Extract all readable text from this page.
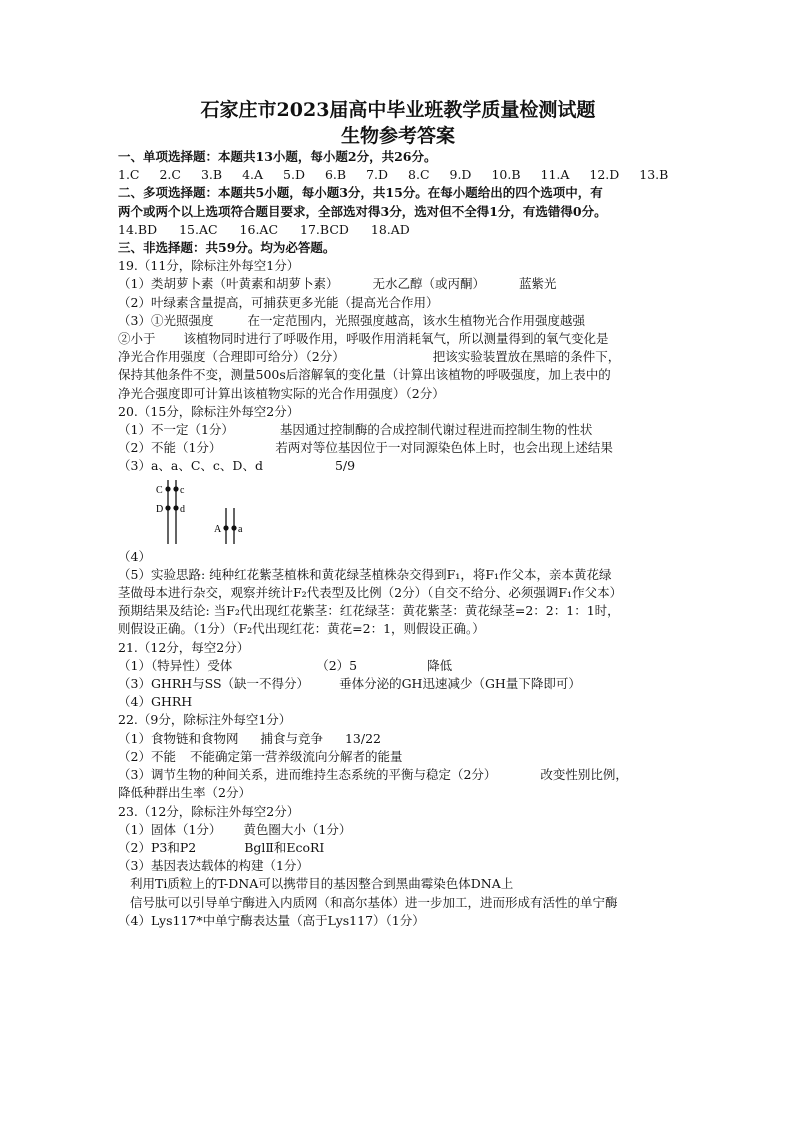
石家庄市2023届高中毕业班教学质量检测试题
生物参考答案
一、单项选择题：本题共13小题，每小题2分，共26分。
1.C 2.C 3.B 4.A 5.D 6.B 7.D 8.C 9.D 10.B 11.A 12.D 13.B
二、多项选择题：本题共5小题，每小题3分，共15分。在每小题给出的四个选项中，有
两个或两个以上选项符合题目要求，全部选对得3分，选对但不全得1分，有选错得0分。
14.BD 15.AC 16.AC 17.BCD 18.AD
三、非选择题：共59分。均为必答题。
19.（11分，除标注外每空1分）
（1）类胡萝卜素（叶黄素和胡萝卜素）	无水乙醇（或丙酮）	蓝紫光
（2）叶绿素含量提高，可捕获更多光能（提高光合作用）
（3）①光照强度	在一定范围内，光照强度越高，该水生植物光合作用强度越强
②小于 该植物同时进行了呼吸作用，呼吸作用消耗氧气，所以测量得到的氧气变化是
净光合作用强度（合理即可给分）（2分）	把该实验装置放在黑暗的条件下，
保持其他条件不变，测量500s后溶解氧的变化量（计算出该植物的呼吸强度，加上表中的
净光合强度即可计算出该植物实际的光合作用强度）（2分）
20.（15分，除标注外每空2分）
（1）不一定（1分）	基因通过控制酶的合成控制代谢过程进而控制生物的性状
（2）不能（1分）	若两对等位基因位于一对同源染色体上时，也会出现上述结果
（3）a、a、C、c、D、d	5/9
C c
D d
A a
（4）
（5）实验思路: 纯种红花紫茎植株和黄花绿茎植株杂交得到F₁，将F₁作父本，亲本黄花绿
茎做母本进行杂交，观察并统计F₂代表型及比例（2分）（自交不给分、必须强调F₁作父本）
预期结果及结论: 当F₂代出现红花紫茎：红花绿茎：黄花紫茎：黄花绿茎=2：2：1：1时，
则假设正确。（1分）（F₂代出现红花：黄花=2：1，则假设正确。）
21.（12分，每空2分）
（1）（特异性）受体	（2）5	降低
（3）GHRH与SS（缺一不得分） 垂体分泌的GH迅速减少（GH量下降即可）
（4）GHRH
22.（9分，除标注外每空1分）
（1）食物链和食物网 捕食与竞争 13/22
（2）不能 不能确定第一营养级流向分解者的能量
（3）调节生物的种间关系，进而维持生态系统的平衡与稳定（2分）	改变性别比例，
降低种群出生率（2分）
23.（12分，除标注外每空2分）
（1）固体（1分） 黄色圈大小（1分）
（2）P3和P2	BglⅡ和EcoRⅠ
（3）基因表达载体的构建（1分）
利用Ti质粒上的T-DNA可以携带目的基因整合到黑曲霉染色体DNA上
信号肽可以引导单宁酶进入内质网（和高尔基体）进一步加工，进而形成有活性的单宁酶
（4）Lys117*中单宁酶表达量（高于Lys117）（1分）
